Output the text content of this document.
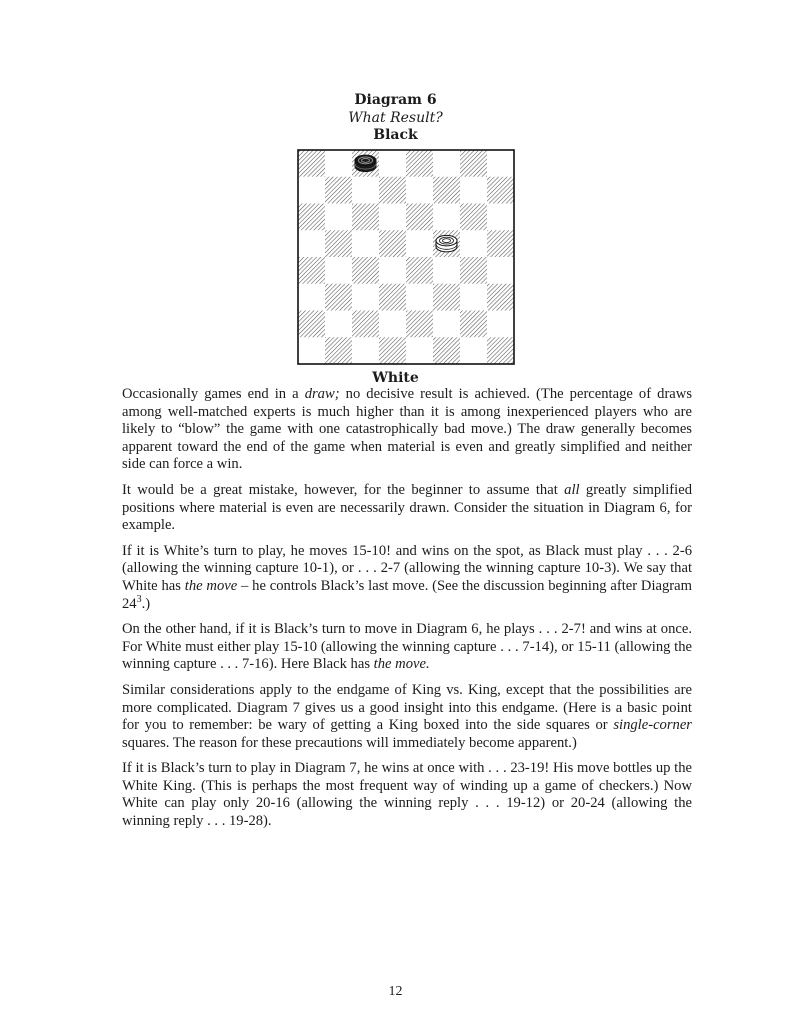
Diagram 6
What Result?
Black
White

Occasionally games end in a draw; no decisive result is achieved. (The percentage of draws among well-matched experts is much higher than it is among inexperienced players who are likely to “blow” the game with one catastrophically bad move.) The draw generally becomes apparent toward the end of the game when material is even and greatly simplified and neither side can force a win.

It would be a great mistake, however, for the beginner to assume that all greatly simplified positions where material is even are necessarily drawn. Consider the situation in Diagram 6, for example.

If it is White’s turn to play, he moves 15-10! and wins on the spot, as Black must play . . . 2-6 (allowing the winning capture 10-1), or . . . 2-7 (allowing the winning capture 10-3). We say that White has the move – he controls Black’s last move. (See the discussion beginning after Diagram $24^3$.)

On the other hand, if it is Black’s turn to move in Diagram 6, he plays . . . 2-7! and wins at once. For White must either play 15-10 (allowing the winning capture . . . 7-14), or 15-11 (allowing the winning capture . . . 7-16). Here Black has the move.

Similar considerations apply to the endgame of King vs. King, except that the possibilities are more complicated. Diagram 7 gives us a good insight into this endgame. (Here is a basic point for you to remember: be wary of getting a King boxed into the side squares or single-corner squares. The reason for these precautions will immediately become apparent.)

If it is Black’s turn to play in Diagram 7, he wins at once with . . . 23-19! His move bottles up the White King. (This is perhaps the most frequent way of winding up a game of checkers.) Now White can play only 20-16 (allowing the winning reply . . . 19-12) or 20-24 (allowing the winning reply . . . 19-28).

12
